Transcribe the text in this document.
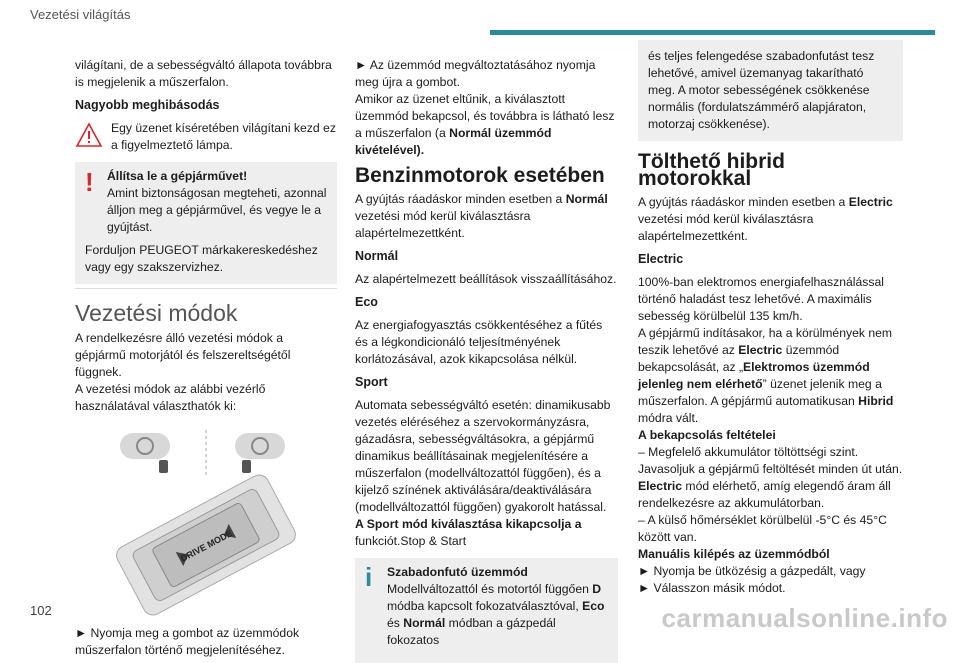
Vezetési világítás

világítani, de a sebességváltó állapota továbbra

is megjelenik a műszerfalon.

Nagyobb meghibásodás
Egy üzenet kíséretében világítani kezd ez a figyelmeztető lámpa.
!	Állítsa le a gépjárművet!
Amint biztonságosan megteheti, azonnal álljon meg a gépjárművel, és vegye le a gyújtást.
Forduljon PEUGEOT márkakereskedéshez vagy egy szakszervizhez.
Vezetési módok

A rendelkezésre álló vezetési módok a gépjármű motorjától és felszereltségétől függnek.

A vezetési módok az alábbi vezérlő használatával választhatók ki:

DRIVE MODE

► Nyomja meg a gombot az üzemmódok műszerfalon történő megjelenítéséhez.

► Az üzemmód megváltoztatásához nyomja meg újra a gombot.

Amikor az üzenet eltűnik, a kiválasztott üzemmód bekapcsol, és továbbra is látható lesz a műszerfalon (a Normál üzemmód kivételével).

Benzinmotorok esetében

A gyújtás ráadáskor minden esetben a Normál vezetési mód kerül kiválasztásra alapértelmezettként.

Normál

Az alapértelmezett beállítások visszaállításához.

Eco

Az energiafogyasztás csökkentéséhez a fűtés és a légkondicionáló teljesítményének korlátozásával, azok kikapcsolása nélkül.

Sport

Automata sebességváltó esetén: dinamikusabb vezetés eléréséhez a szervokormányzásra, gázadásra, sebességváltásokra, a gépjármű dinamikus beállításainak megjelenítésére a műszerfalon (modellváltozattól függően), és a kijelző színének aktiválására/deaktiválására (modellváltozattól függően) gyakorolt hatással.

A Sport mód kiválasztása kikapcsolja a

funkciót.Stop & Start

i	Szabadonfutó üzemmód
Modellváltozattól és motortól függően D módba kapcsolt fokozatválasztóval, Eco és Normál módban a gázpedál fokozatos
és teljes felengedése szabadonfutást tesz lehetővé, amivel üzemanyag takarítható meg. A motor sebességének csökkenése normális (fordulatszámmérő alapjáraton, motorzaj csökkenése).
Tölthető hibrid motorokkal

A gyújtás ráadáskor minden esetben a Electric vezetési mód kerül kiválasztásra alapértelmezettként.

Electric

100%-ban elektromos energiafelhasználással történő haladást tesz lehetővé. A maximális sebesség körülbelül 135 km/h.

A gépjármű indításakor, ha a körülmények nem teszik lehetővé az Electric üzemmód bekapcsolását, az „Elektromos üzemmód jelenleg nem elérhető” üzenet jelenik meg a műszerfalon. A gépjármű automatikusan Hibrid módra vált.

A bekapcsolás feltételei

– Megfelelő akkumulátor töltöttségi szint.

Javasoljuk a gépjármű feltöltését minden út után.

Electric mód elérhető, amíg elegendő áram áll rendelkezésre az akkumulátorban.

– A külső hőmérséklet körülbelül -5°C és 45°C között van.

Manuális kilépés az üzemmódból

► Nyomja be ütközésig a gázpedált, vagy

► Válasszon másik módot.

102	carmanualsonline.info
